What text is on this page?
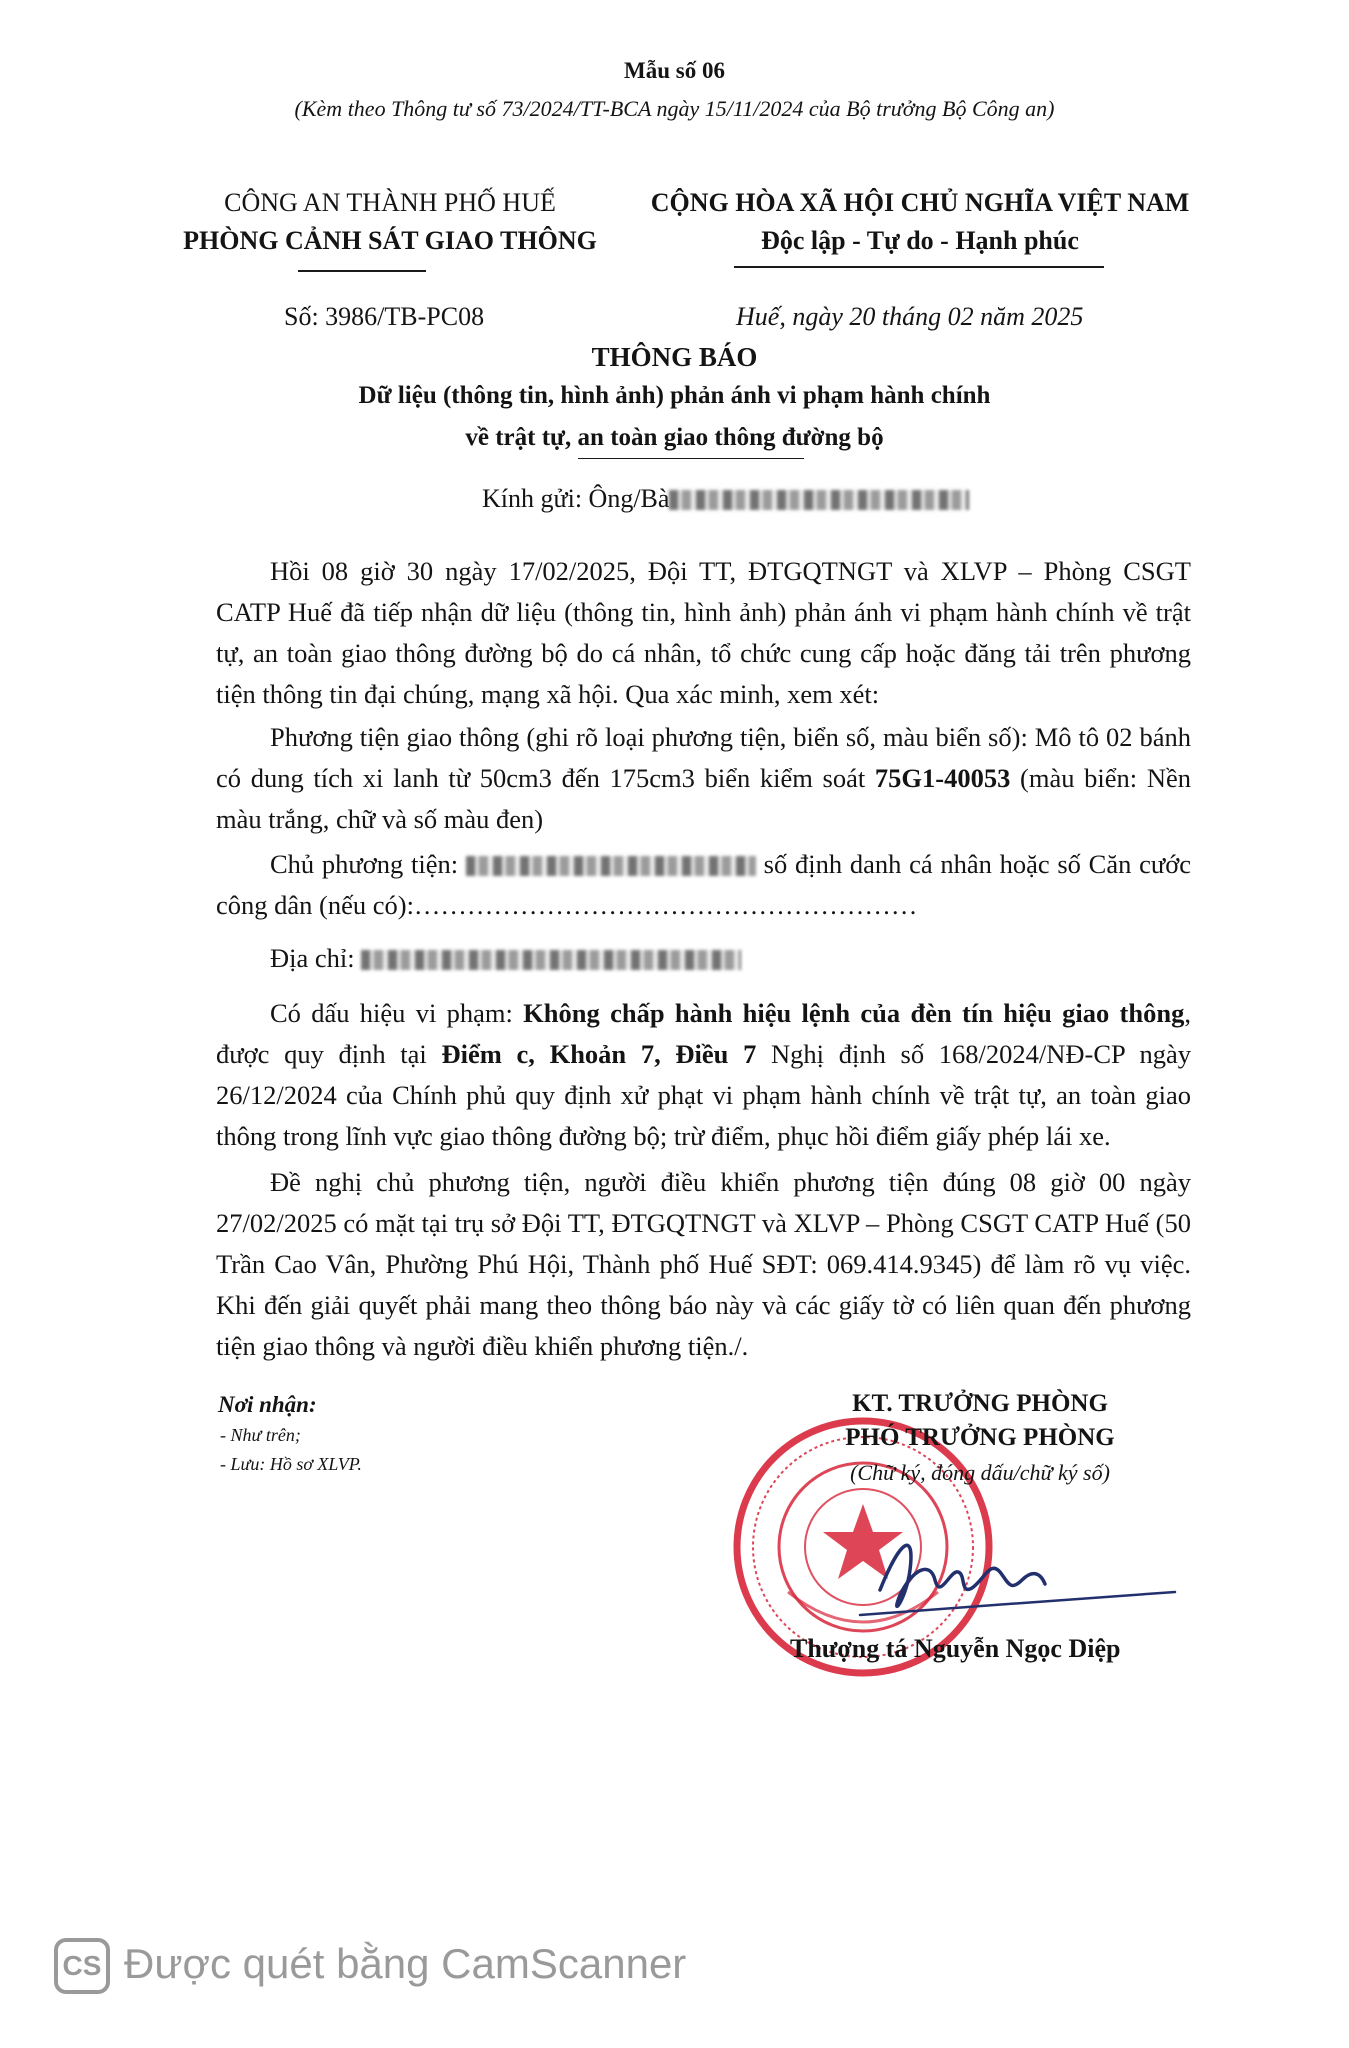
Mẫu số 06
(Kèm theo Thông tư số 73/2024/TT-BCA ngày 15/11/2024 của Bộ trưởng Bộ Công an)
CÔNG AN THÀNH PHỐ HUẾ
PHÒNG CẢNH SÁT GIAO THÔNG
CỘNG HÒA XÃ HỘI CHỦ NGHĨA VIỆT NAM
Độc lập - Tự do - Hạnh phúc
Số: 3986/TB-PC08	Huế, ngày 20 tháng 02 năm 2025
THÔNG BÁO
Dữ liệu (thông tin, hình ảnh) phản ánh vi phạm hành chính
về trật tự, an toàn giao thông đường bộ
Kính gửi: Ông/Bà
Hồi 08 giờ 30 ngày 17/02/2025, Đội TT, ĐTGQTNGT và XLVP – Phòng CSGT CATP Huế đã tiếp nhận dữ liệu (thông tin, hình ảnh) phản ánh vi phạm hành chính về trật tự, an toàn giao thông đường bộ do cá nhân, tổ chức cung cấp hoặc đăng tải trên phương tiện thông tin đại chúng, mạng xã hội. Qua xác minh, xem xét:
Phương tiện giao thông (ghi rõ loại phương tiện, biển số, màu biển số): Mô tô 02 bánh có dung tích xi lanh từ 50cm3 đến 175cm3 biển kiểm soát 75G1-40053 (màu biển: Nền màu trắng, chữ và số màu đen)
Chủ phương tiện:	số định danh cá nhân hoặc số Căn cước công dân (nếu có):…………………………………………………
Địa chỉ:
Có dấu hiệu vi phạm: Không chấp hành hiệu lệnh của đèn tín hiệu giao thông, được quy định tại Điểm c, Khoản 7, Điều 7 Nghị định số 168/2024/NĐ-CP ngày 26/12/2024 của Chính phủ quy định xử phạt vi phạm hành chính về trật tự, an toàn giao thông trong lĩnh vực giao thông đường bộ; trừ điểm, phục hồi điểm giấy phép lái xe.
Đề nghị chủ phương tiện, người điều khiển phương tiện đúng 08 giờ 00 ngày 27/02/2025 có mặt tại trụ sở Đội TT, ĐTGQTNGT và XLVP – Phòng CSGT CATP Huế (50 Trần Cao Vân, Phường Phú Hội, Thành phố Huế SĐT: 069.414.9345) để làm rõ vụ việc. Khi đến giải quyết phải mang theo thông báo này và các giấy tờ có liên quan đến phương tiện giao thông và người điều khiển phương tiện./.
Nơi nhận:
- Như trên;
- Lưu: Hồ sơ XLVP.
KT. TRƯỞNG PHÒNG
PHÓ TRƯỞNG PHÒNG
(Chữ ký, đóng dấu/chữ ký số)
Thượng tá Nguyễn Ngọc Diệp
CS Được quét bằng CamScanner
